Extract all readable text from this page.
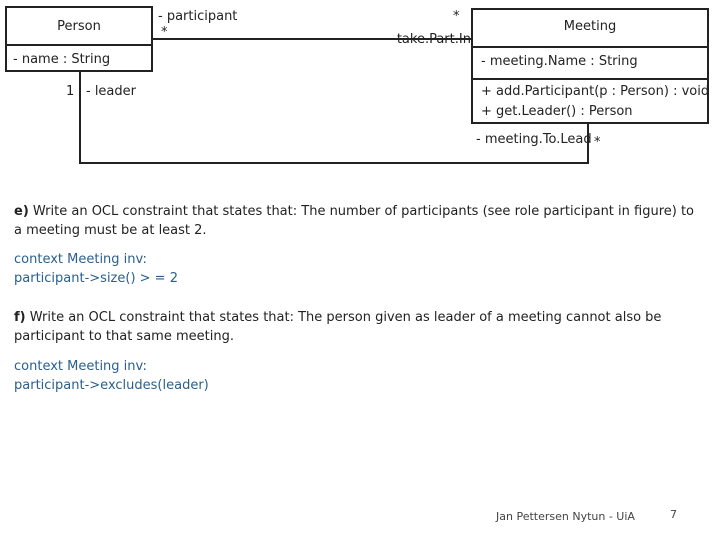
Person
- name : String
Meeting
- meeting.Name : String
+ add.Participant(p : Person) : void
+ get.Leader() : Person
- participant
*
*
- take.Part.In
1 - leader
- meeting.To.Lead *
e) Write an OCL constraint that states that: The number of participants (see role participant in figure) to a meeting must be at least 2.
context Meeting inv:
participant->size() > = 2
f) Write an OCL constraint that states that: The person given as leader of a meeting cannot also be participant to that same meeting.
context Meeting inv:
participant->excludes(leader)
Jan Pettersen Nytun - UiA	7
